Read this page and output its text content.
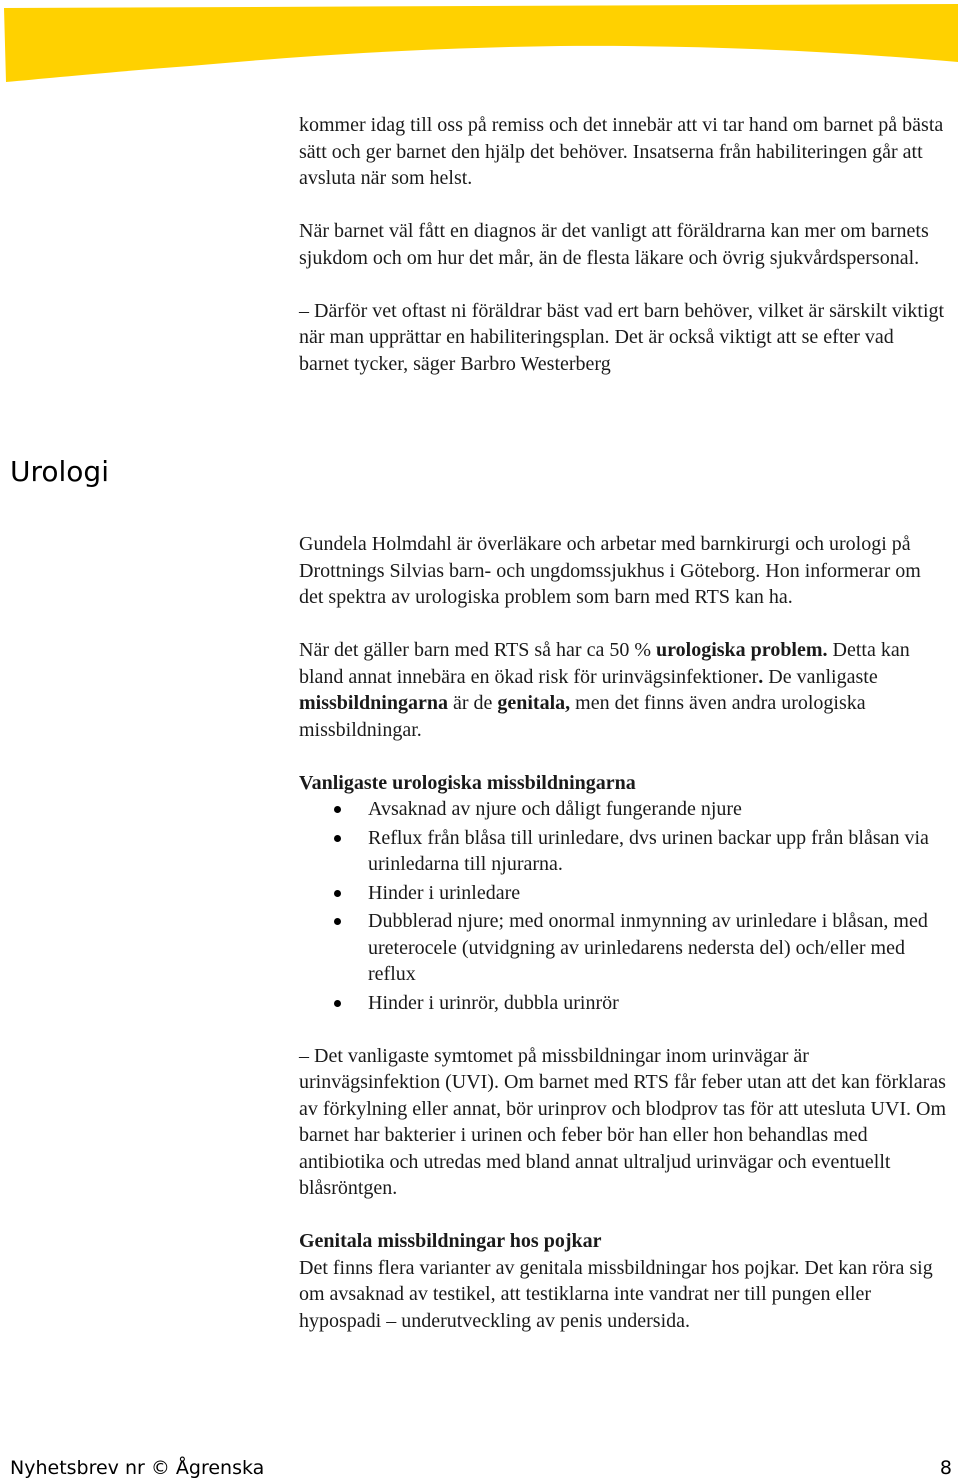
kommer idag till oss på remiss och det innebär att vi tar hand om barnet på bästa sätt och ger barnet den hjälp det behöver. Insatserna från habiliteringen går att avsluta när som helst.

När barnet väl fått en diagnos är det vanligt att föräldrarna kan mer om barnets sjukdom och om hur det mår, än de flesta läkare och övrig sjukvårdspersonal.

– Därför vet oftast ni föräldrar bäst vad ert barn behöver, vilket är särskilt viktigt när man upprättar en habiliteringsplan. Det är också viktigt att se efter vad barnet tycker, säger Barbro Westerberg

Urologi

Gundela Holmdahl är överläkare och arbetar med barnkirurgi och urologi på Drottnings Silvias barn- och ungdomssjukhus i Göteborg. Hon informerar om det spektra av urologiska problem som barn med RTS kan ha.

När det gäller barn med RTS så har ca 50 % urologiska problem. Detta kan bland annat innebära en ökad risk för urinvägsinfektioner. De vanligaste missbildningarna är de genitala, men det finns även andra urologiska missbildningar.

Vanligaste urologiska missbildningarna
Avsaknad av njure och dåligt fungerande njure
Reflux från blåsa till urinledare, dvs urinen backar upp från blåsan via urinledarna till njurarna.
Hinder i urinledare
Dubblerad njure; med onormal inmynning av urinledare i blåsan, med ureterocele (utvidgning av urinledarens nedersta del) och/eller med reflux
Hinder i urinrör, dubbla urinrör

– Det vanligaste symtomet på missbildningar inom urinvägar är urinvägsinfektion (UVI). Om barnet med RTS får feber utan att det kan förklaras av förkylning eller annat, bör urinprov och blodprov tas för att utesluta UVI. Om barnet har bakterier i urinen och feber bör han eller hon behandlas med antibiotika och utredas med bland annat ultraljud urinvägar och eventuellt blåsröntgen.

Genitala missbildningar hos pojkar

Det finns flera varianter av genitala missbildningar hos pojkar. Det kan röra sig om avsaknad av testikel, att testiklarna inte vandrat ner till pungen eller hypospadi – underutveckling av penis undersida.

Nyhetsbrev nr © Ågrenska	8
